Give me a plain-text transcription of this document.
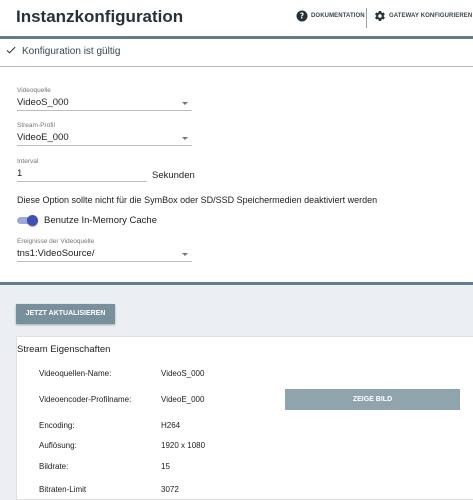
Instanzkonfiguration	? DOKUMENTATION	GATEWAY KONFIGURIEREN
Konfiguration ist gültig
Videoquelle
VideoS_000
Stream-Profil
VideoE_000
Interval
1	Sekunden
Diese Option sollte nicht für die SymBox oder SD/SSD Speichermedien deaktiviert werden
Benutze In-Memory Cache
Ereignisse der Videoquelle
tns1:VideoSource/
JETZT AKTUALISIEREN
Stream Eigenschaften
Videoquellen-Name:	VideoS_000
Videoencoder-Profilname:	VideoE_000	ZEIGE BILD
Encoding:	H264
Auflösung:	1920 x 1080
Bildrate:	15
Bitraten-Limit	3072
